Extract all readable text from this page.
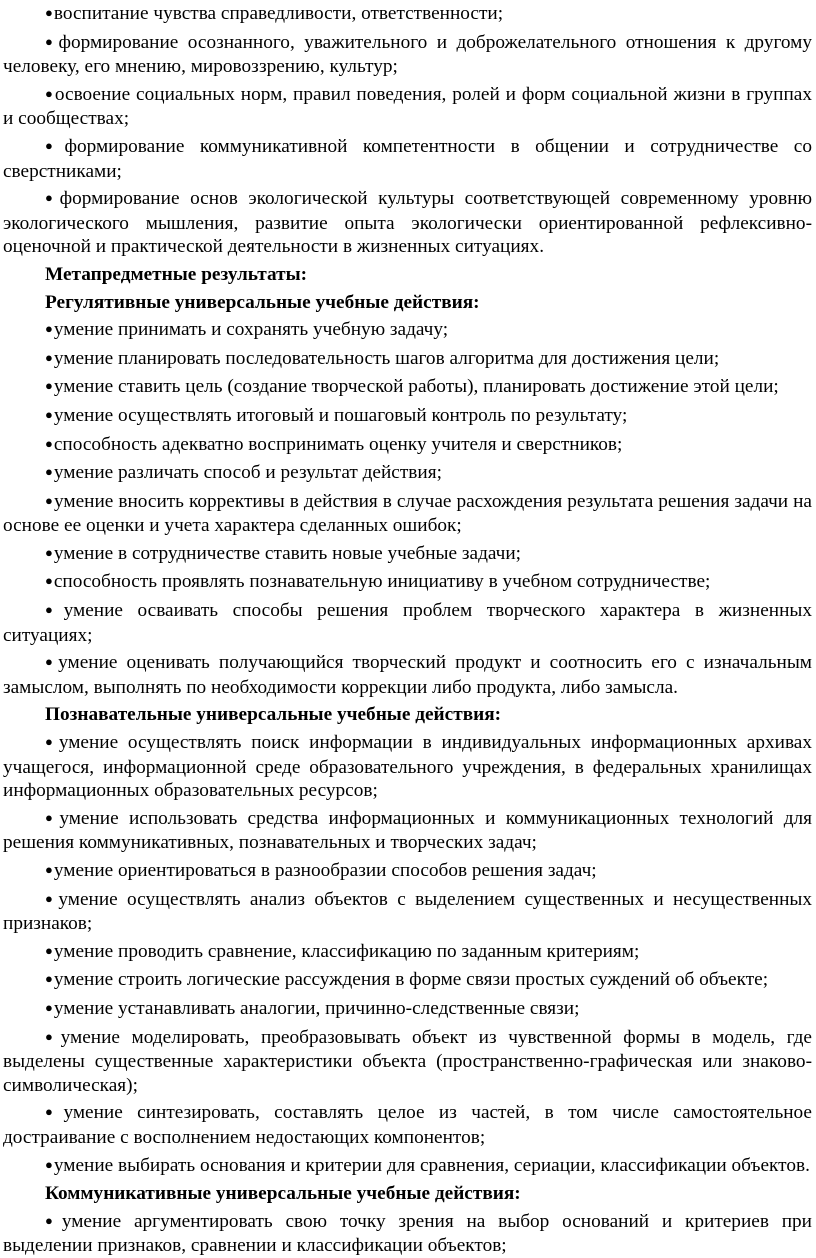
●воспитание чувства справедливости, ответственности;

●формирование осознанного, уважительного и доброжелательного отношения к другому человеку, его мнению, мировоззрению, культур;

●освоение социальных норм, правил поведения, ролей и форм социальной жизни в группах и сообществах;

●формирование коммуникативной компетентности в общении и сотрудничестве со сверстниками;

●формирование основ экологической культуры соответствующей современному уровню экологического мышления, развитие опыта экологически ориентированной рефлексивно-оценочной и практической деятельности в жизненных ситуациях.

Метапредметные результаты:

Регулятивные универсальные учебные действия:

●умение принимать и сохранять учебную задачу;

●умение планировать последовательность шагов алгоритма для достижения цели;

●умение ставить цель (создание творческой работы), планировать достижение этой цели;

●умение осуществлять итоговый и пошаговый контроль по результату;

●способность адекватно воспринимать оценку учителя и сверстников;

●умение различать способ и результат действия;

●умение вносить коррективы в действия в случае расхождения результата решения задачи на основе ее оценки и учета характера сделанных ошибок;

●умение в сотрудничестве ставить новые учебные задачи;

●способность проявлять познавательную инициативу в учебном сотрудничестве;

●умение осваивать способы решения проблем творческого характера в жизненных ситуациях;

●умение оценивать получающийся творческий продукт и соотносить его с изначальным замыслом, выполнять по необходимости коррекции либо продукта, либо замысла.

Познавательные универсальные учебные действия:

●умение осуществлять поиск информации в индивидуальных информационных архивах учащегося, информационной среде образовательного учреждения, в федеральных хранилищах информационных образовательных ресурсов;

●умение использовать средства информационных и коммуникационных технологий для решения коммуникативных, познавательных и творческих задач;

●умение ориентироваться в разнообразии способов решения задач;

●умение осуществлять анализ объектов с выделением существенных и несущественных признаков;

●умение проводить сравнение, классификацию по заданным критериям;

●умение строить логические рассуждения в форме связи простых суждений об объекте;

●умение устанавливать аналогии, причинно-следственные связи;

●умение моделировать, преобразовывать объект из чувственной формы в модель, где выделены существенные характеристики объекта (пространственно-графическая или знаково-символическая);

●умение синтезировать, составлять целое из частей, в том числе самостоятельное достраивание с восполнением недостающих компонентов;

●умение выбирать основания и критерии для сравнения, сериации, классификации объектов.

Коммуникативные универсальные учебные действия:

●умение аргументировать свою точку зрения на выбор оснований и критериев при выделении признаков, сравнении и классификации объектов;
